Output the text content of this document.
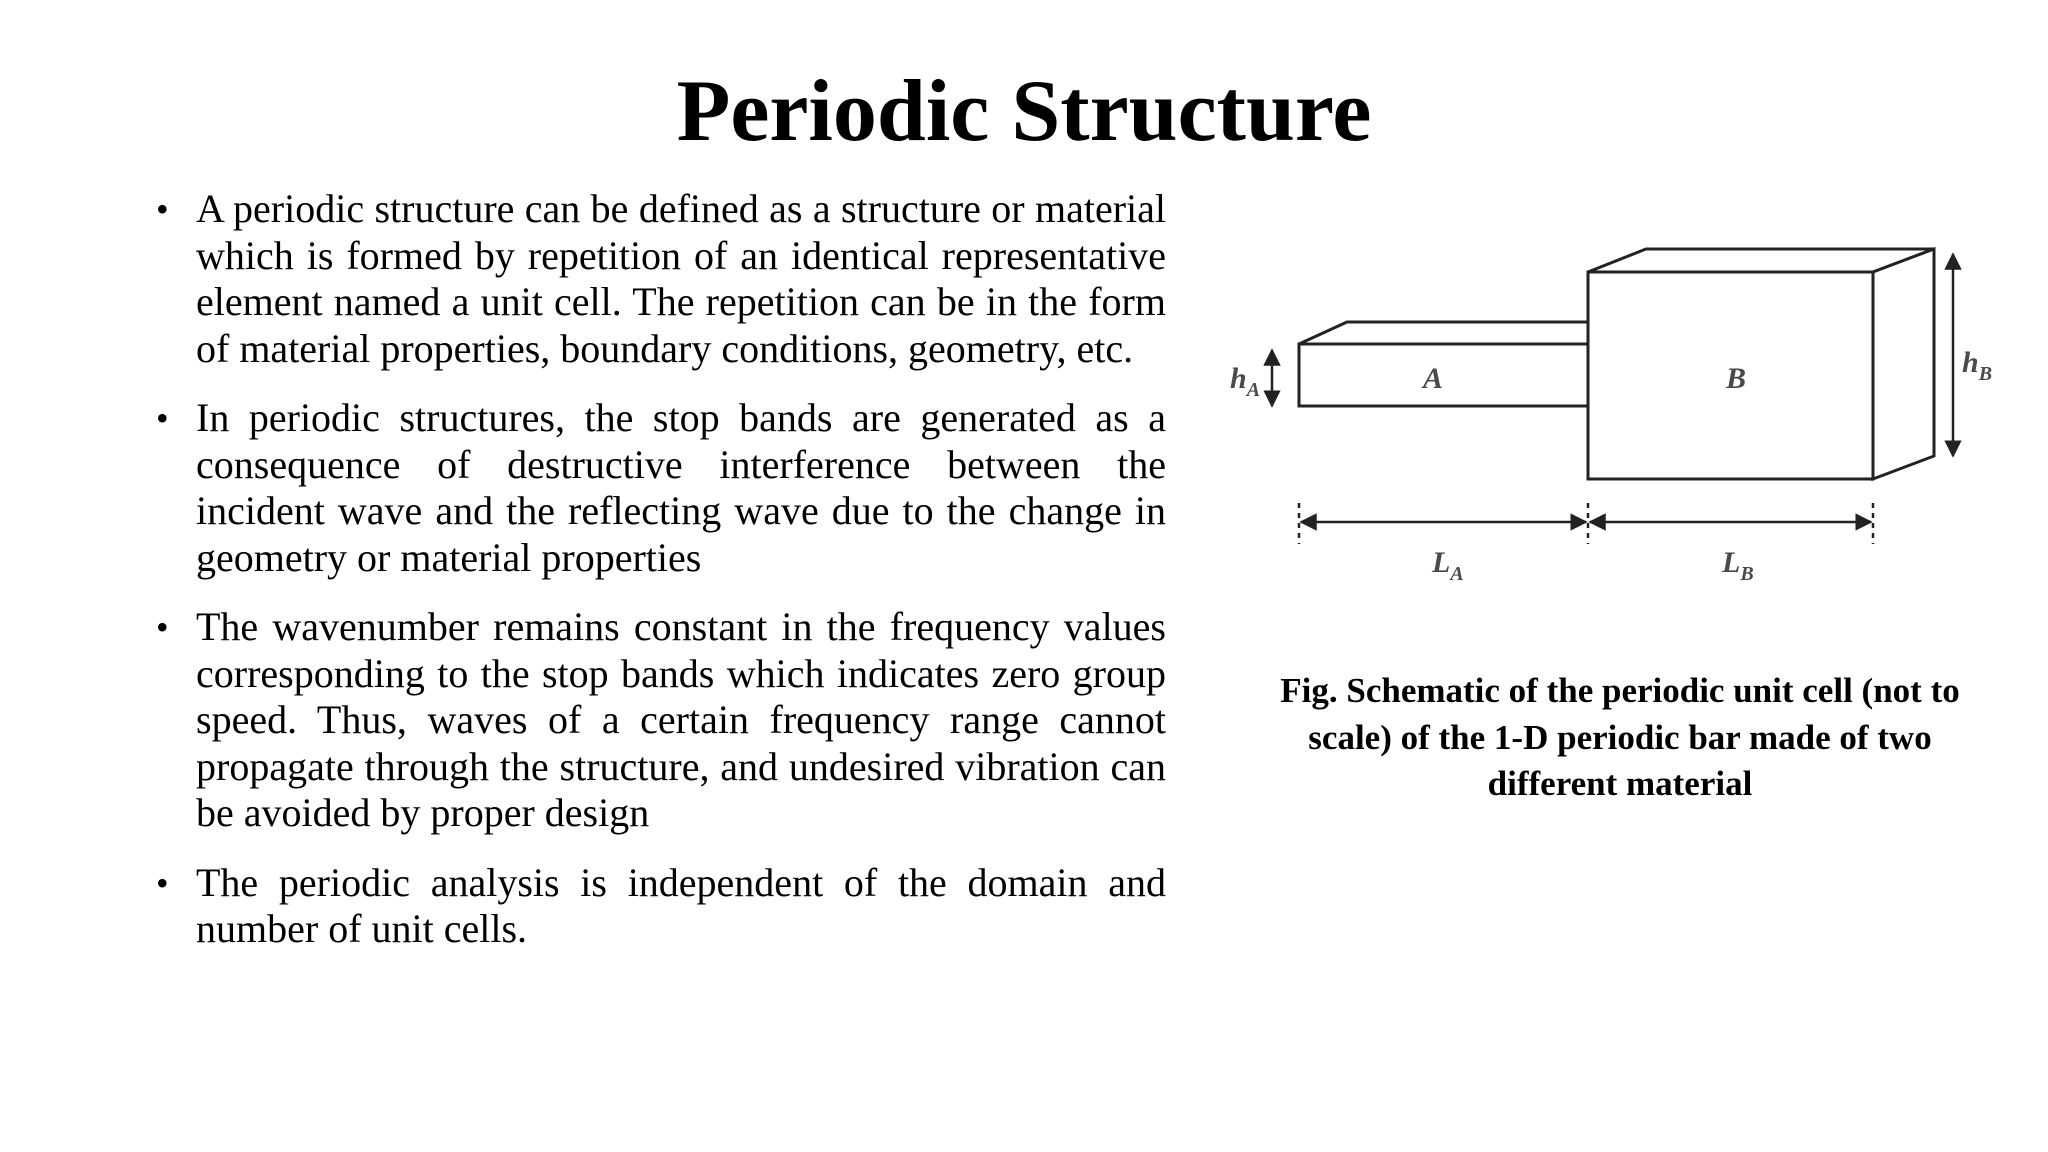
Periodic Structure
• A periodic structure can be defined as a structure or material which is formed by repetition of an identical representative element named a unit cell. The repetition can be in the form of material properties, boundary conditions, geometry, etc.
• In periodic structures, the stop bands are generated as a consequence of destructive interference between the incident wave and the reflecting wave due to the change in geometry or material properties
• The wavenumber remains constant in the frequency values corresponding to the stop bands which indicates zero group speed. Thus, waves of a certain frequency range cannot propagate through the structure, and undesired vibration can be avoided by proper design
• The periodic analysis is independent of the domain and number of unit cells.
A	B
$h_A$
$h_B$
$L_A$	$L_B$

Fig. Schematic of the periodic unit cell (not to scale) of the 1-D periodic bar made of two different material
